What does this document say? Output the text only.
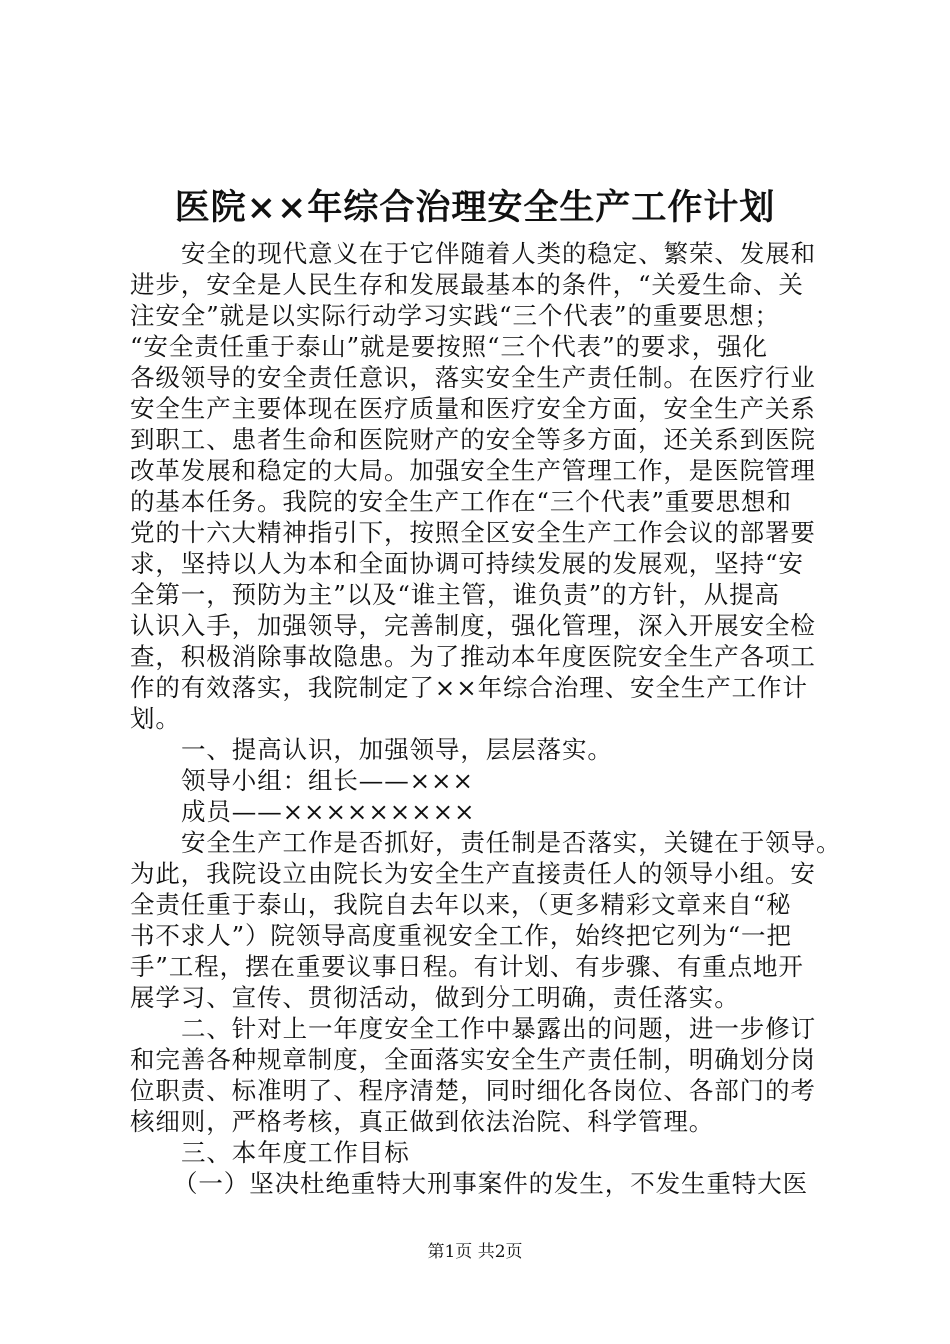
医院××年综合治理安全生产工作计划
安全的现代意义在于它伴随着人类的稳定、繁荣、发展和
进步，安全是人民生存和发展最基本的条件，“关爱生命、关
注安全”就是以实际行动学习实践“三个代表”的重要思想；
“安全责任重于泰山”就是要按照“三个代表”的要求，强化
各级领导的安全责任意识，落实安全生产责任制。在医疗行业
安全生产主要体现在医疗质量和医疗安全方面，安全生产关系
到职工、患者生命和医院财产的安全等多方面，还关系到医院
改革发展和稳定的大局。加强安全生产管理工作，是医院管理
的基本任务。我院的安全生产工作在“三个代表”重要思想和
党的十六大精神指引下，按照全区安全生产工作会议的部署要
求，坚持以人为本和全面协调可持续发展的发展观，坚持“安
全第一，预防为主”以及“谁主管，谁负责”的方针，从提高
认识入手，加强领导，完善制度，强化管理，深入开展安全检
查，积极消除事故隐患。为了推动本年度医院安全生产各项工
作的有效落实，我院制定了××年综合治理、安全生产工作计
划。
一、提高认识，加强领导，层层落实。
领导小组：组长——×××
成员——×××××××××
安全生产工作是否抓好，责任制是否落实，关键在于领导。
为此，我院设立由院长为安全生产直接责任人的领导小组。安
全责任重于泰山，我院自去年以来，（更多精彩文章来自“秘
书不求人”）院领导高度重视安全工作，始终把它列为“一把
手”工程，摆在重要议事日程。有计划、有步骤、有重点地开
展学习、宣传、贯彻活动，做到分工明确，责任落实。
二、针对上一年度安全工作中暴露出的问题，进一步修订
和完善各种规章制度，全面落实安全生产责任制，明确划分岗
位职责、标准明了、程序清楚，同时细化各岗位、各部门的考
核细则，严格考核，真正做到依法治院、科学管理。
三、本年度工作目标
（一）坚决杜绝重特大刑事案件的发生，不发生重特大医
第1页 共2页
